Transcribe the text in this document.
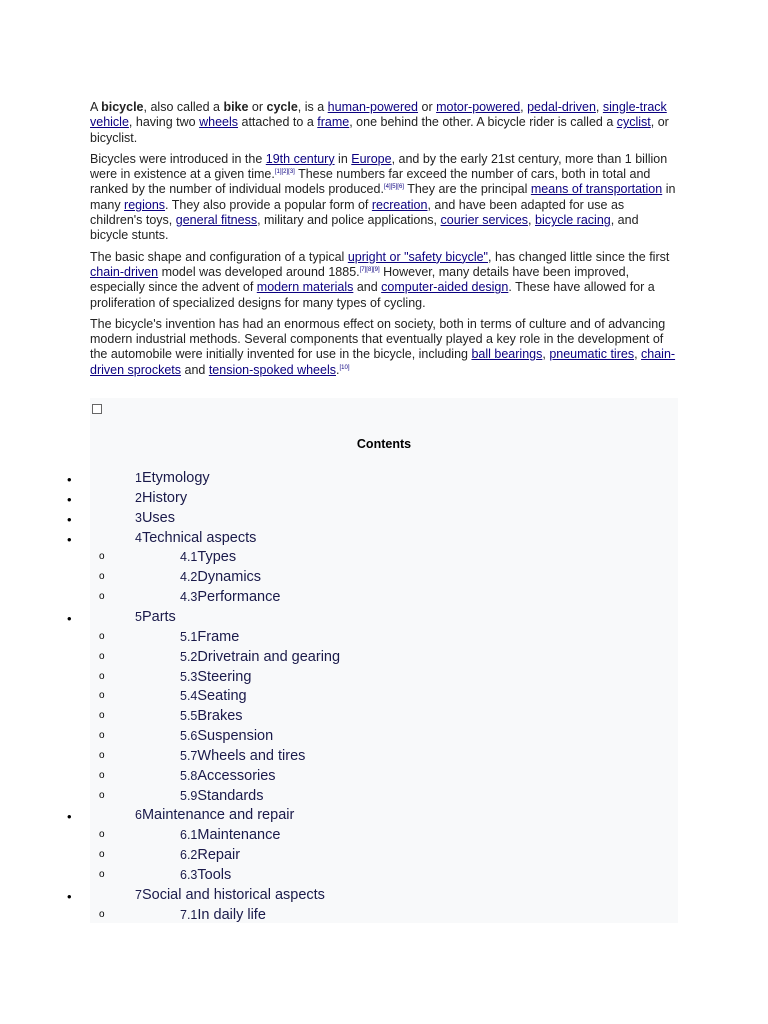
A bicycle, also called a bike or cycle, is a human-powered or motor-powered, pedal-driven, single-track vehicle, having two wheels attached to a frame, one behind the other. A bicycle rider is called a cyclist, or bicyclist.

Bicycles were introduced in the 19th century in Europe, and by the early 21st century, more than 1 billion were in existence at a given time.[1][2][3] These numbers far exceed the number of cars, both in total and ranked by the number of individual models produced.[4][5][6] They are the principal means of transportation in many regions. They also provide a popular form of recreation, and have been adapted for use as children's toys, general fitness, military and police applications, courier services, bicycle racing, and bicycle stunts.

The basic shape and configuration of a typical upright or "safety bicycle", has changed little since the first chain-driven model was developed around 1885.[7][8][9] However, many details have been improved, especially since the advent of modern materials and computer-aided design. These have allowed for a proliferation of specialized designs for many types of cycling.

The bicycle's invention has had an enormous effect on society, both in terms of culture and of advancing modern industrial methods. Several components that eventually played a key role in the development of the automobile were initially invented for use in the bicycle, including ball bearings, pneumatic tires, chain-driven sprockets and tension-spoked wheels.[10]

Contents
•	1Etymology
•	2History
•	3Uses
•	4Technical aspects
o	4.1Types
o	4.2Dynamics
o	4.3Performance
•	5Parts
o	5.1Frame
o	5.2Drivetrain and gearing
o	5.3Steering
o	5.4Seating
o	5.5Brakes
o	5.6Suspension
o	5.7Wheels and tires
o	5.8Accessories
o	5.9Standards
•	6Maintenance and repair
o	6.1Maintenance
o	6.2Repair
o	6.3Tools
•	7Social and historical aspects
o	7.1In daily life
